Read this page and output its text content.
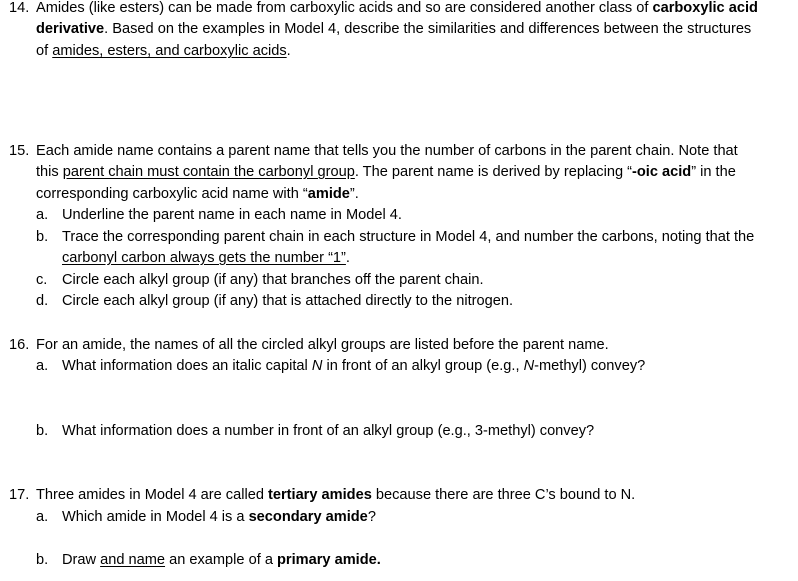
14. Amides (like esters) can be made from carboxylic acids and so are considered another class of carboxylic acid
derivative. Based on the examples in Model 4, describe the similarities and differences between the structures
of amides, esters, and carboxylic acids.
15. Each amide name contains a parent name that tells you the number of carbons in the parent chain. Note that
this parent chain must contain the carbonyl group. The parent name is derived by replacing “-oic acid” in the
corresponding carboxylic acid name with “amide”.
a. Underline the parent name in each name in Model 4.
b. Trace the corresponding parent chain in each structure in Model 4, and number the carbons, noting that the
carbonyl carbon always gets the number “1”.
c. Circle each alkyl group (if any) that branches off the parent chain.
d. Circle each alkyl group (if any) that is attached directly to the nitrogen.
16. For an amide, the names of all the circled alkyl groups are listed before the parent name.
a. What information does an italic capital N in front of an alkyl group (e.g., N-methyl) convey?
b. What information does a number in front of an alkyl group (e.g., 3-methyl) convey?
17. Three amides in Model 4 are called tertiary amides because there are three C’s bound to N.
a. Which amide in Model 4 is a secondary amide?
b. Draw and name an example of a primary amide.
